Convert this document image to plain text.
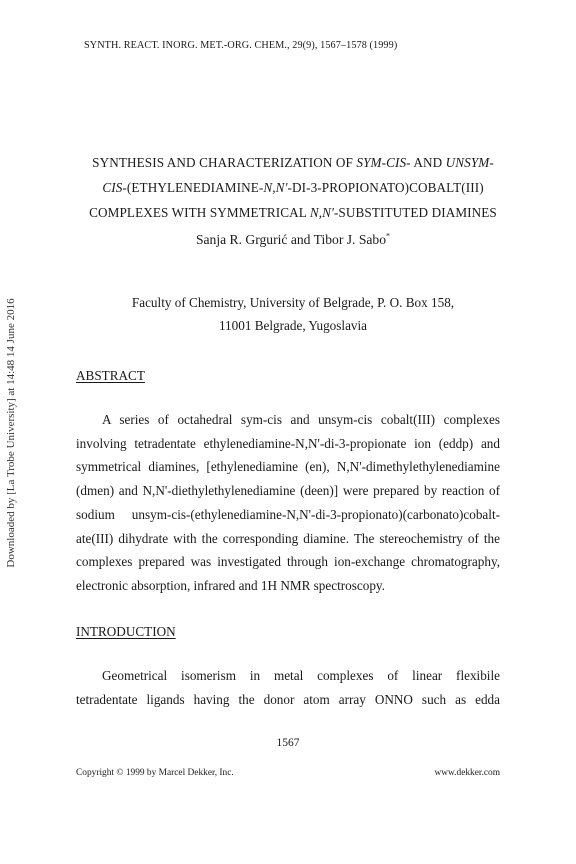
SYNTH. REACT. INORG. MET.-ORG. CHEM., 29(9), 1567–1578 (1999)
Downloaded by [La Trobe University] at 14:48 14 June 2016
SYNTHESIS AND CHARACTERIZATION OF SYM-CIS- AND UNSYM-
CIS-(ETHYLENEDIAMINE-N,N'-DI-3-PROPIONATO)COBALT(III)
COMPLEXES WITH SYMMETRICAL N,N'-SUBSTITUTED DIAMINES
Sanja R. Grgurić and Tibor J. Sabo*
Faculty of Chemistry, University of Belgrade, P. O. Box 158,
11001 Belgrade, Yugoslavia
ABSTRACT
A series of octahedral sym-cis and unsym-cis cobalt(III) complexes
involving tetradentate ethylenediamine-N,N'-di-3-propionate ion (eddp) and
symmetrical diamines, [ethylenediamine (en), N,N'-dimethylethylenediamine
(dmen) and N,N'-diethylethylenediamine (deen)] were prepared by reaction of
sodium unsym-cis-(ethylenediamine-N,N'-di-3-propionato)(carbonato)cobalt-
ate(III) dihydrate with the corresponding diamine. The stereochemistry of the
complexes prepared was investigated through ion-exchange chromatography,
electronic absorption, infrared and 1H NMR spectroscopy.
INTRODUCTION
Geometrical isomerism in metal complexes of linear flexibile
tetradentate ligands having the donor atom array ONNO such as edda
1567
Copyright © 1999 by Marcel Dekker, Inc.	www.dekker.com
